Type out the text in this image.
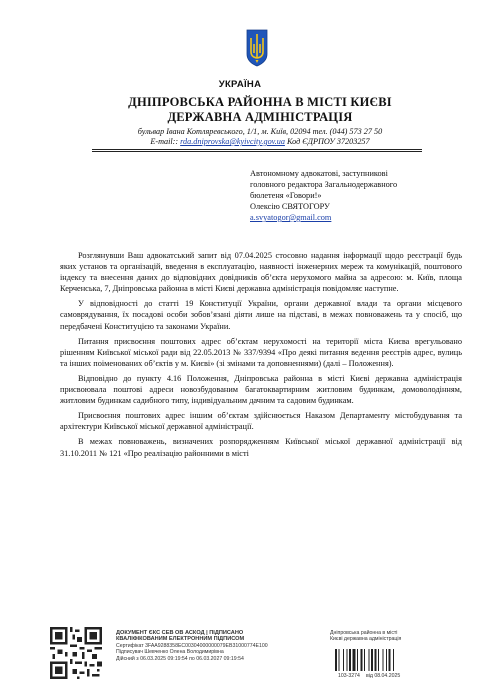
УКРАЇНА
ДНІПРОВСЬКА РАЙОННА В МІСТІ КИЄВІ
ДЕРЖАВНА АДМІНІСТРАЦІЯ
бульвар Івана Котляревського, 1/1, м. Київ, 02094 тел. (044) 573 27 50
E-mail:: rda.dniprovska@kyivcity.gov.ua Код ЄДРПОУ 37203257
Автономному адвокатові, заступникові
головного редактора Загальнодержавного
бюлетеня «Говори!»
Олексію СВЯТОГОРУ
a.svyatogor@gmail.com

Розглянувши Ваш адвокатський запит від 07.04.2025 стосовно надання інформації щодо реєстрації будь яких установ та організацій, введення в експлуатацію, наявності інженерних мереж та комунікацій, поштового індексу та внесення даних до відповідних довідників об’єкта нерухомого майна за адресою: м. Київ, площа Керченська, 7, Дніпровська районна в місті Києві державна адміністрація повідомляє наступне.

У відповідності до статті 19 Конституції України, органи державної влади та органи місцевого самоврядування, їх посадові особи зобов’язані діяти лише на підставі, в межах повноважень та у спосіб, що передбачені Конституцією та законами України.

Питання присвоєння поштових адрес об’єктам нерухомості на території міста Києва врегульовано рішенням Київської міської ради від 22.05.2013 № 337/9394 «Про деякі питання ведення реєстрів адрес, вулиць та інших поіменованих об’єктів у м. Києві» (зі змінами та доповненнями) (далі – Положення).

Відповідно до пункту 4.16 Положення, Дніпровська районна в місті Києві державна адміністрація присвоювала поштові адреси новозбудованим багатоквартирним житловим будинкам, домоволодінням, житловим будинкам садибного типу, індивідуальним дачним та садовим будинкам.

Присвоєння поштових адрес іншим об’єктам здійснюється Наказом Департаменту містобудування та архітектури Київської міської державної адміністрації.

В межах повноважень, визначених розпорядженням Київської міської державної адміністрації від 31.10.2011 № 121 «Про реалізацію районними в місті

ДОКУМЕНТ ЄКС СЕВ ОВ АСКОД | ПІДПИСАНО
КВАЛІФІКОВАНИМ ЕЛЕКТРОННИМ ПІДПИСОМ
Сертифікат 3FAA9288358EC00304000000079EB31000774E100
Підписувач Шевченко Олена Володимирівна
Дійсний з 06.03.2025 09:19:54 по 06.03.2027 09:19:54
Дніпровська районна в місті
Києві державна адміністрація
103-3274 від 08.04.2025
